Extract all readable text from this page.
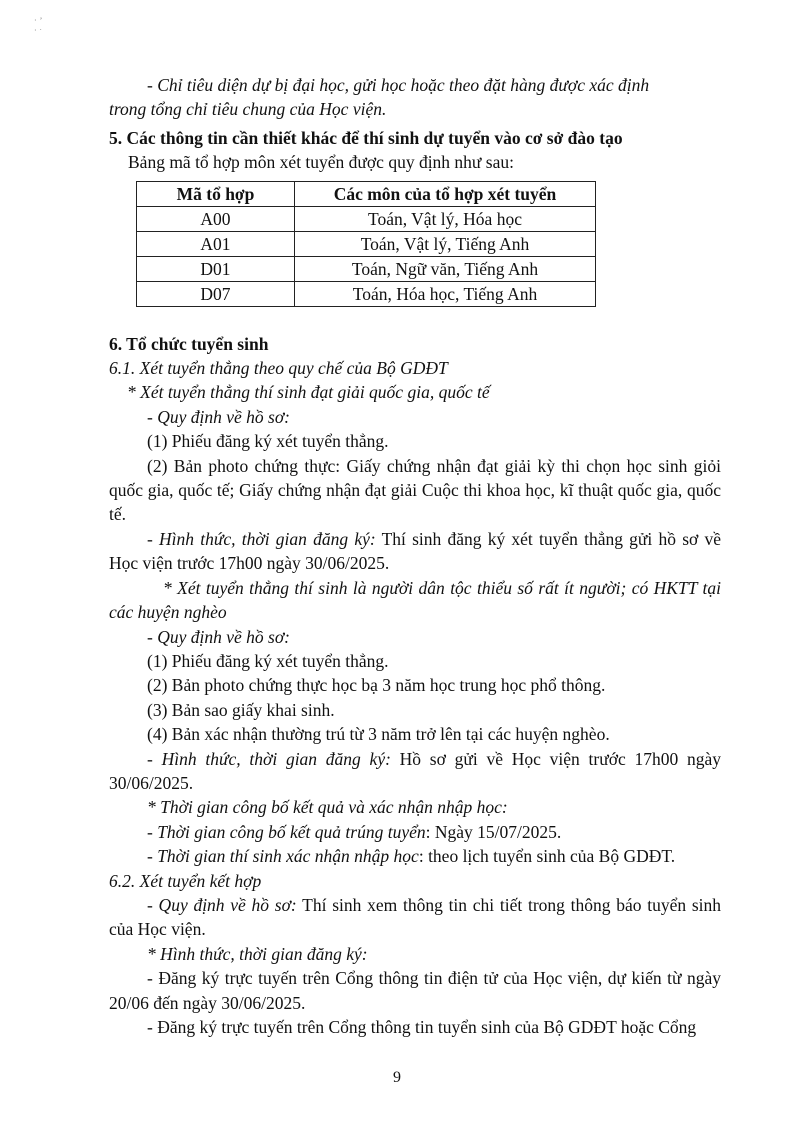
·ʼ
·ˑ

- Chỉ tiêu diện dự bị đại học, gửi học hoặc theo đặt hàng được xác định

trong tổng chỉ tiêu chung của Học viện.

5. Các thông tin cần thiết khác để thí sinh dự tuyển vào cơ sở đào tạo

Bảng mã tổ hợp môn xét tuyển được quy định như sau:

Mã tổ hợp	Các môn của tổ hợp xét tuyển
A00	Toán, Vật lý, Hóa học
A01	Toán, Vật lý, Tiếng Anh
D01	Toán, Ngữ văn, Tiếng Anh
D07	Toán, Hóa học, Tiếng Anh

6. Tổ chức tuyển sinh

6.1. Xét tuyển thẳng theo quy chế của Bộ GDĐT

* Xét tuyển thẳng thí sinh đạt giải quốc gia, quốc tế

- Quy định về hồ sơ:

(1) Phiếu đăng ký xét tuyển thẳng.

(2) Bản photo chứng thực: Giấy chứng nhận đạt giải kỳ thi chọn học sinh giỏi quốc gia, quốc tế; Giấy chứng nhận đạt giải Cuộc thi khoa học, kĩ thuật quốc gia, quốc tế.

- Hình thức, thời gian đăng ký: Thí sinh đăng ký xét tuyển thẳng gửi hồ sơ về Học viện trước 17h00 ngày 30/06/2025.

* Xét tuyển thẳng thí sinh là người dân tộc thiểu số rất ít người; có HKTT tại các huyện nghèo

- Quy định về hồ sơ:

(1) Phiếu đăng ký xét tuyển thẳng.

(2) Bản photo chứng thực học bạ 3 năm học trung học phổ thông.

(3) Bản sao giấy khai sinh.

(4) Bản xác nhận thường trú từ 3 năm trở lên tại các huyện nghèo.

- Hình thức, thời gian đăng ký: Hồ sơ gửi về Học viện trước 17h00 ngày 30/06/2025.

* Thời gian công bố kết quả và xác nhận nhập học:

- Thời gian công bố kết quả trúng tuyển: Ngày 15/07/2025.

- Thời gian thí sinh xác nhận nhập học: theo lịch tuyển sinh của Bộ GDĐT.

6.2. Xét tuyển kết hợp

- Quy định về hồ sơ: Thí sinh xem thông tin chi tiết trong thông báo tuyển sinh của Học viện.

* Hình thức, thời gian đăng ký:

- Đăng ký trực tuyến trên Cổng thông tin điện tử của Học viện, dự kiến từ ngày 20/06 đến ngày 30/06/2025.

- Đăng ký trực tuyến trên Cổng thông tin tuyển sinh của Bộ GDĐT hoặc Cổng

9
